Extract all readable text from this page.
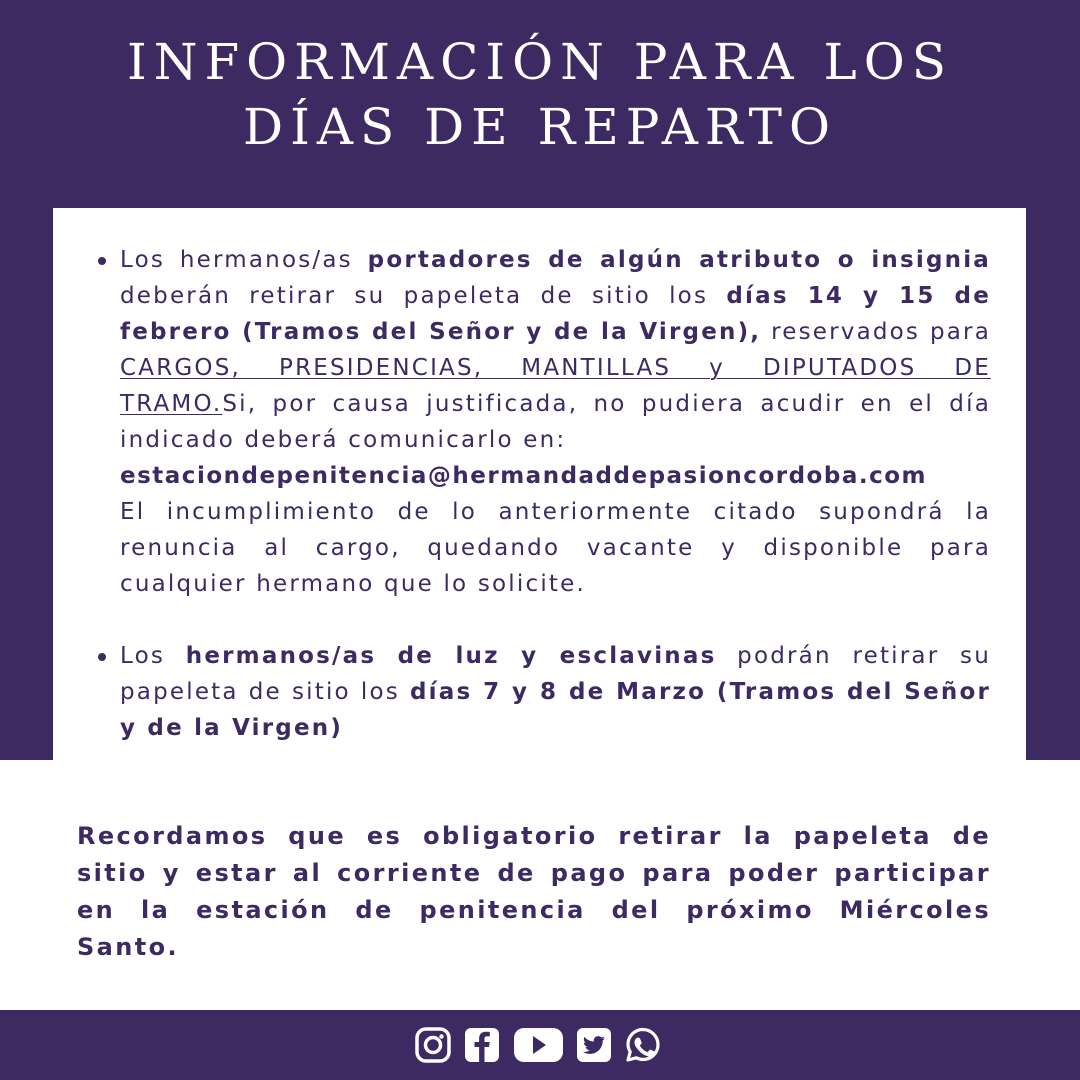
INFORMACIÓN PARA LOS
DÍAS DE REPARTO

Los hermanos/as portadores de algún atributo o insignia deberán retirar su papeleta de sitio los días 14 y 15 de febrero (Tramos del Señor y de la Virgen), reservados para CARGOS, PRESIDENCIAS, MANTILLAS y DIPUTADOS DE TRAMO.Si, por causa justificada, no pudiera acudir en el día indicado deberá comunicarlo en:
estaciondepenitencia@hermandaddepasioncordoba.com
El incumplimiento de lo anteriormente citado supondrá la renuncia al cargo, quedando vacante y disponible para cualquier hermano que lo solicite.

Los hermanos/as de luz y esclavinas podrán retirar su papeleta de sitio los días 7 y 8 de Marzo (Tramos del Señor y de la Virgen)

Recordamos que es obligatorio retirar la papeleta de sitio y estar al corriente de pago para poder participar en la estación de penitencia del próximo Miércoles Santo.
